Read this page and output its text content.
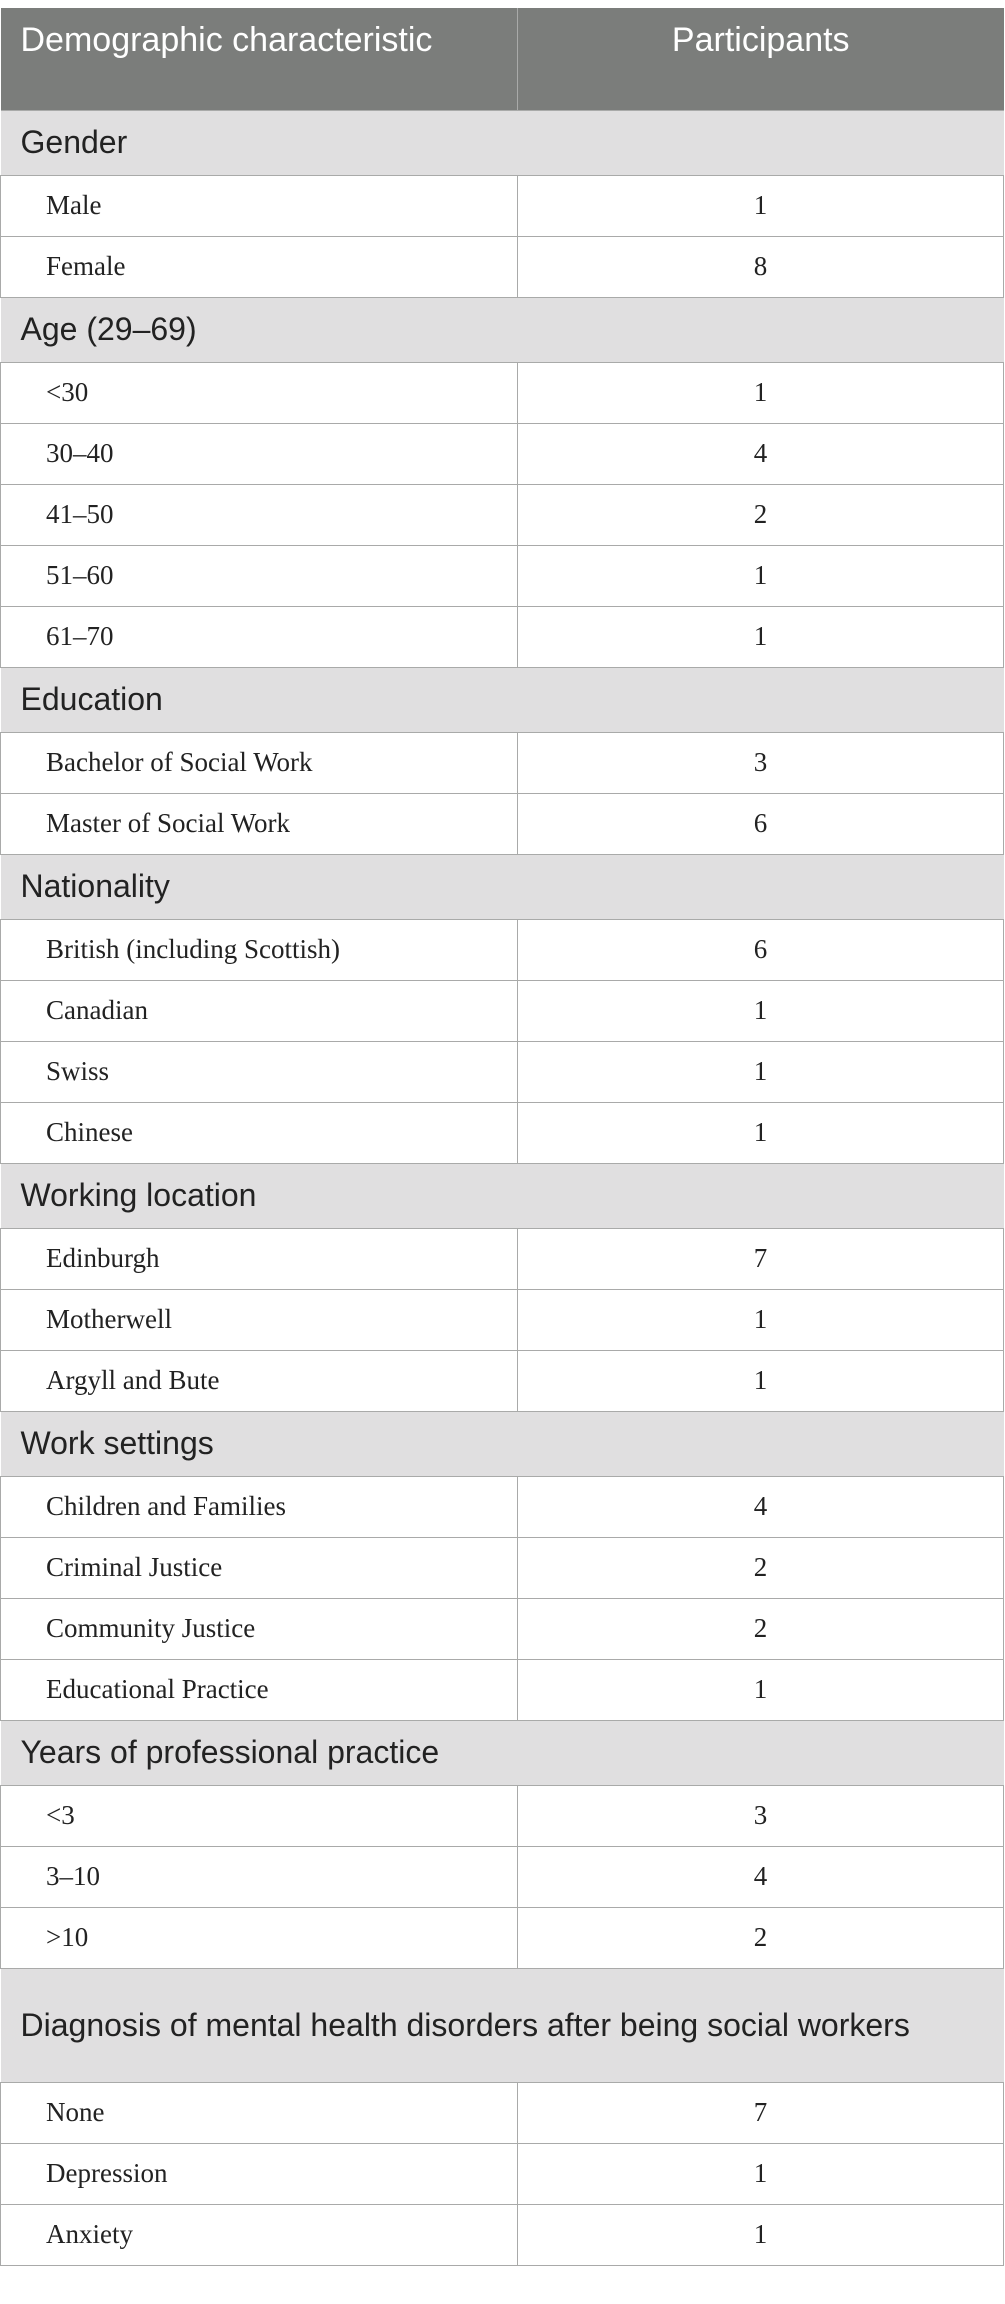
Demographic characteristic	Participants
Gender	
Male	1
Female	8
Age (29–69)	
<30	1
30–40	4
41–50	2
51–60	1
61–70	1
Education	
Bachelor of Social Work	3
Master of Social Work	6
Nationality	
British (including Scottish)	6
Canadian	1
Swiss	1
Chinese	1
Working location	
Edinburgh	7
Motherwell	1
Argyll and Bute	1
Work settings	
Children and Families	4
Criminal Justice	2
Community Justice	2
Educational Practice	1
Years of professional practice	
<3	3
3–10	4
>10	2
Diagnosis of mental health disorders after being social workers	
None	7
Depression	1
Anxiety	1
